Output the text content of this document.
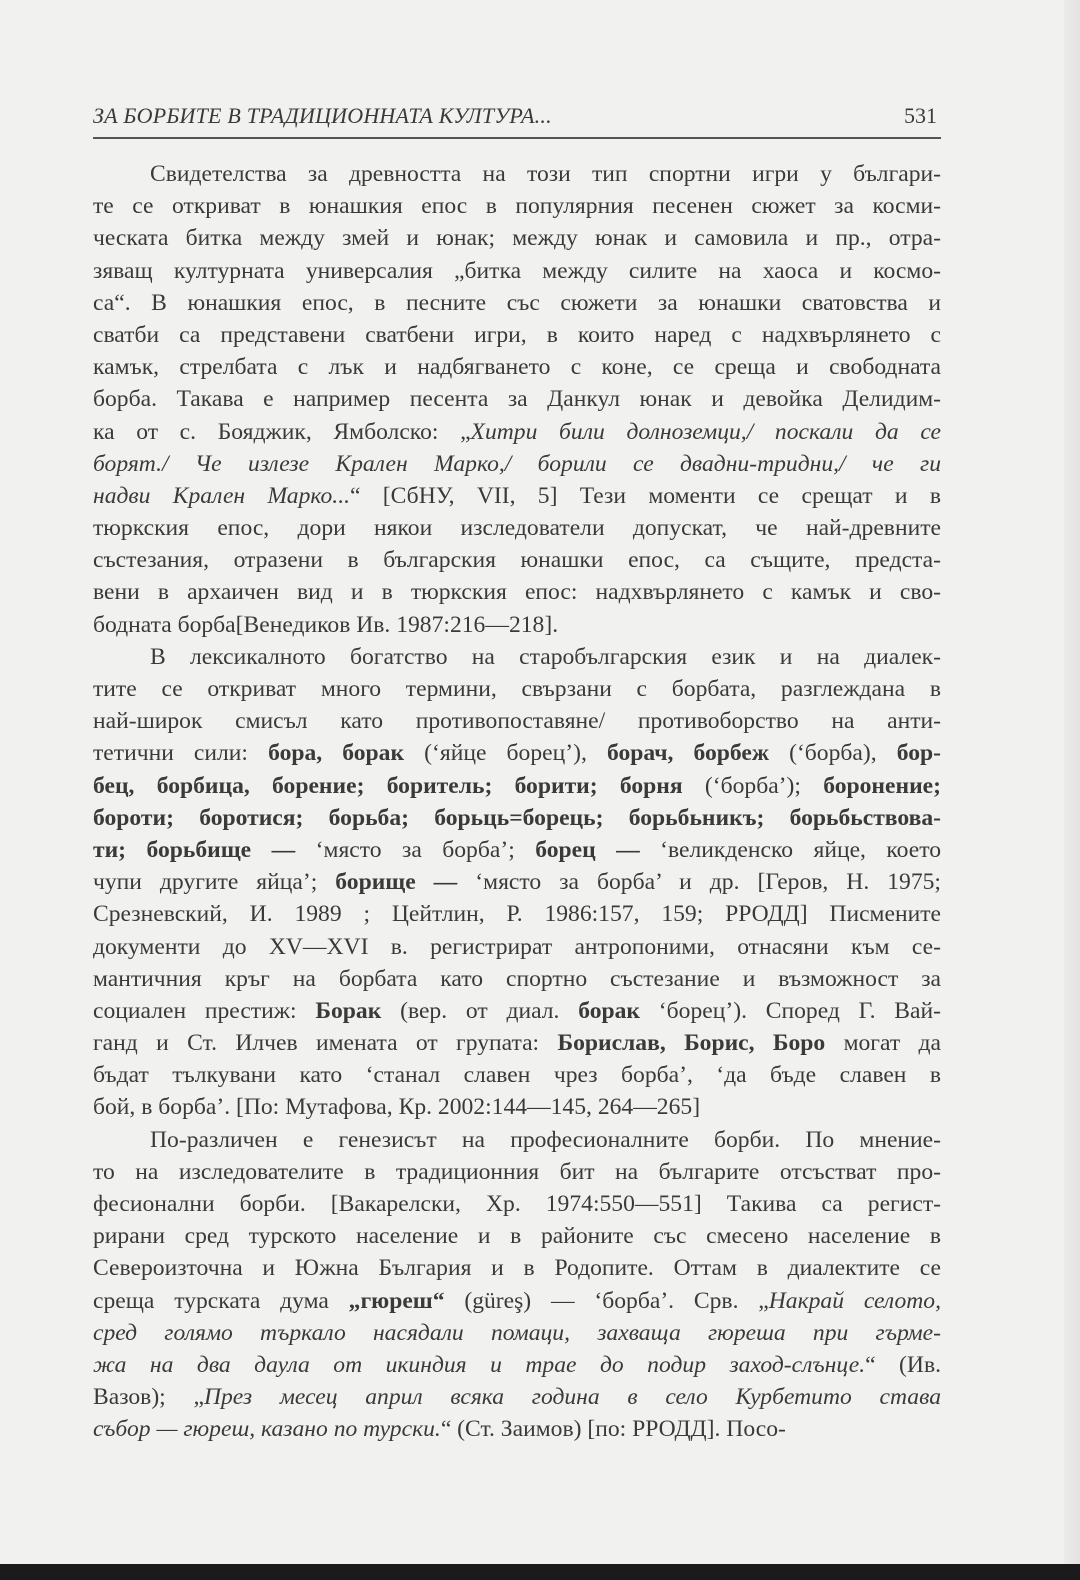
ЗА БОРБИТЕ В ТРАДИЦИОННАТА КУЛТУРА...	531
Свидетелства за древността на този тип спортни игри у българи-
те се откриват в юнашкия епос в популярния песенен сюжет за косми-
ческата битка между змей и юнак; между юнак и самовила и пр., отра-
зяващ културната универсалия „битка между силите на хаоса и космо-
са“. В юнашкия епос, в песните със сюжети за юнашки сватовства и
сватби са представени сватбени игри, в които наред с надхвърлянето с
камък, стрелбата с лък и надбягването с коне, се среща и свободната
борба. Такава е например песента за Данкул юнак и девойка Делидим-
ка от с. Бояджик, Ямболско: „Хитри били долноземци,/ поскали да се
борят./ Че излезе Крален Марко,/ борили се двадни-тридни,/ че ги
надви Крален Марко...“ [СбНУ, VII, 5] Тези моменти се срещат и в
тюркския епос, дори някои изследователи допускат, че най-древните
състезания, отразени в българския юнашки епос, са същите, предста-
вени в архаичен вид и в тюркския епос: надхвърлянето с камък и сво-
бодната борба[Венедиков Ив. 1987:216—218].
В лексикалното богатство на старобългарския език и на диалек-
тите се откриват много термини, свързани с борбата, разглеждана в
най-широк смисъл като противопоставяне/ противоборство на анти-
тетични сили: бора, борак (‘яйце борец’), борач, борбеж (‘борба), бор-
бец, борбица, борение; боритель; борити; борня (‘борба’); боронение;
бороти; боротися; борьба; борьць=борець; борьбьникъ; борьбьствова-
ти; борьбище — ‘място за борба’; борец — ‘великденско яйце, което
чупи другите яйца’; борище — ‘място за борба’ и др. [Геров, Н. 1975;
Срезневский, И. 1989 ; Цейтлин, Р. 1986:157, 159; РРОДД] Писмените
документи до XV—XVI в. регистрират антропоними, отнасяни към се-
мантичния кръг на борбата като спортно състезание и възможност за
социален престиж: Борак (вер. от диал. борак ‘борец’). Според Г. Вай-
ганд и Ст. Илчев имената от групата: Борислав, Борис, Боро могат да
бъдат тълкувани като ‘станал славен чрез борба’, ‘да бъде славен в
бой, в борба’. [По: Мутафова, Кр. 2002:144—145, 264—265]
По-различен е генезисът на професионалните борби. По мнение-
то на изследователите в традиционния бит на българите отсъстват про-
фесионални борби. [Вакарелски, Хр. 1974:550—551] Такива са регист-
рирани сред турското население и в районите със смесено население в
Североизточна и Южна България и в Родопите. Оттам в диалектите се
среща турската дума „гюреш“ (güreş) — ‘борба’. Срв. „Накрай селото,
сред голямо търкало насядали помаци, захваща гюреша при гърме-
жа на два даула от икиндия и трае до подир заход-слънце.“ (Ив.
Вазов); „През месец април всяка година в село Курбетито става
събор — гюреш, казано по турски.“ (Ст. Заимов) [по: РРОДД]. Посо-
